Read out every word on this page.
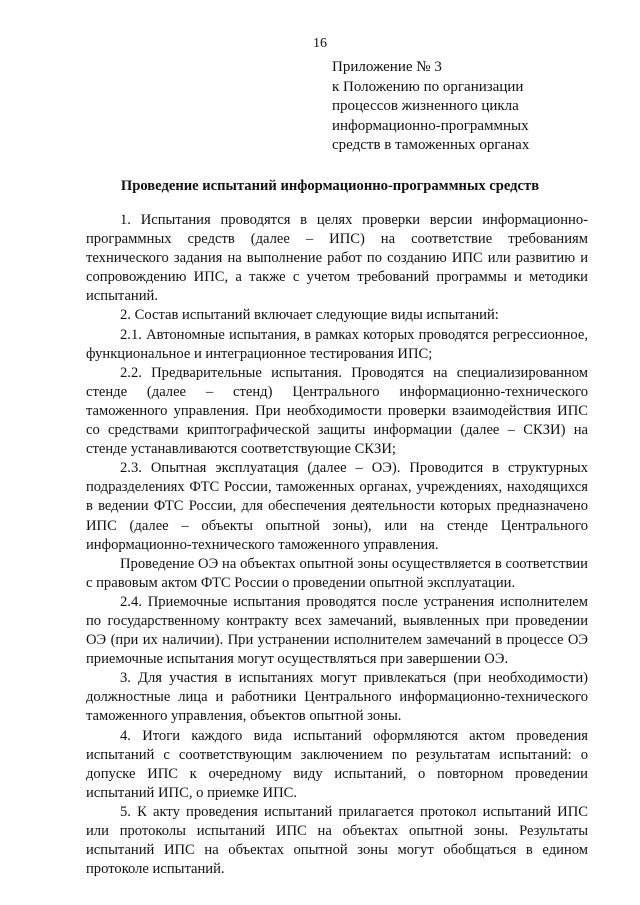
16
Приложение № 3
к Положению по организации
процессов жизненного цикла
информационно-программных
средств в таможенных органах
Проведение испытаний информационно-программных средств

1. Испытания проводятся в целях проверки версии информационно-программных средств (далее – ИПС) на соответствие требованиям технического задания на выполнение работ по созданию ИПС или развитию и сопровождению ИПС, а также с учетом требований программы и методики испытаний.

2. Состав испытаний включает следующие виды испытаний:

2.1. Автономные испытания, в рамках которых проводятся регрессионное, функциональное и интеграционное тестирования ИПС;

2.2. Предварительные испытания. Проводятся на специализированном стенде (далее – стенд) Центрального информационно-технического таможенного управления. При необходимости проверки взаимодействия ИПС со средствами криптографической защиты информации (далее – СКЗИ) на стенде устанавливаются соответствующие СКЗИ;

2.3. Опытная эксплуатация (далее – ОЭ). Проводится в структурных подразделениях ФТС России, таможенных органах, учреждениях, находящихся в ведении ФТС России, для обеспечения деятельности которых предназначено ИПС (далее – объекты опытной зоны), или на стенде Центрального информационно-технического таможенного управления.

Проведение ОЭ на объектах опытной зоны осуществляется в соответствии с правовым актом ФТС России о проведении опытной эксплуатации.

2.4. Приемочные испытания проводятся после устранения исполнителем по государственному контракту всех замечаний, выявленных при проведении ОЭ (при их наличии). При устранении исполнителем замечаний в процессе ОЭ приемочные испытания могут осуществляться при завершении ОЭ.

3. Для участия в испытаниях могут привлекаться (при необходимости) должностные лица и работники Центрального информационно-технического таможенного управления, объектов опытной зоны.

4. Итоги каждого вида испытаний оформляются актом проведения испытаний с соответствующим заключением по результатам испытаний: о допуске ИПС к очередному виду испытаний, о повторном проведении испытаний ИПС, о приемке ИПС.

5. К акту проведения испытаний прилагается протокол испытаний ИПС или протоколы испытаний ИПС на объектах опытной зоны. Результаты испытаний ИПС на объектах опытной зоны могут обобщаться в едином протоколе испытаний.
